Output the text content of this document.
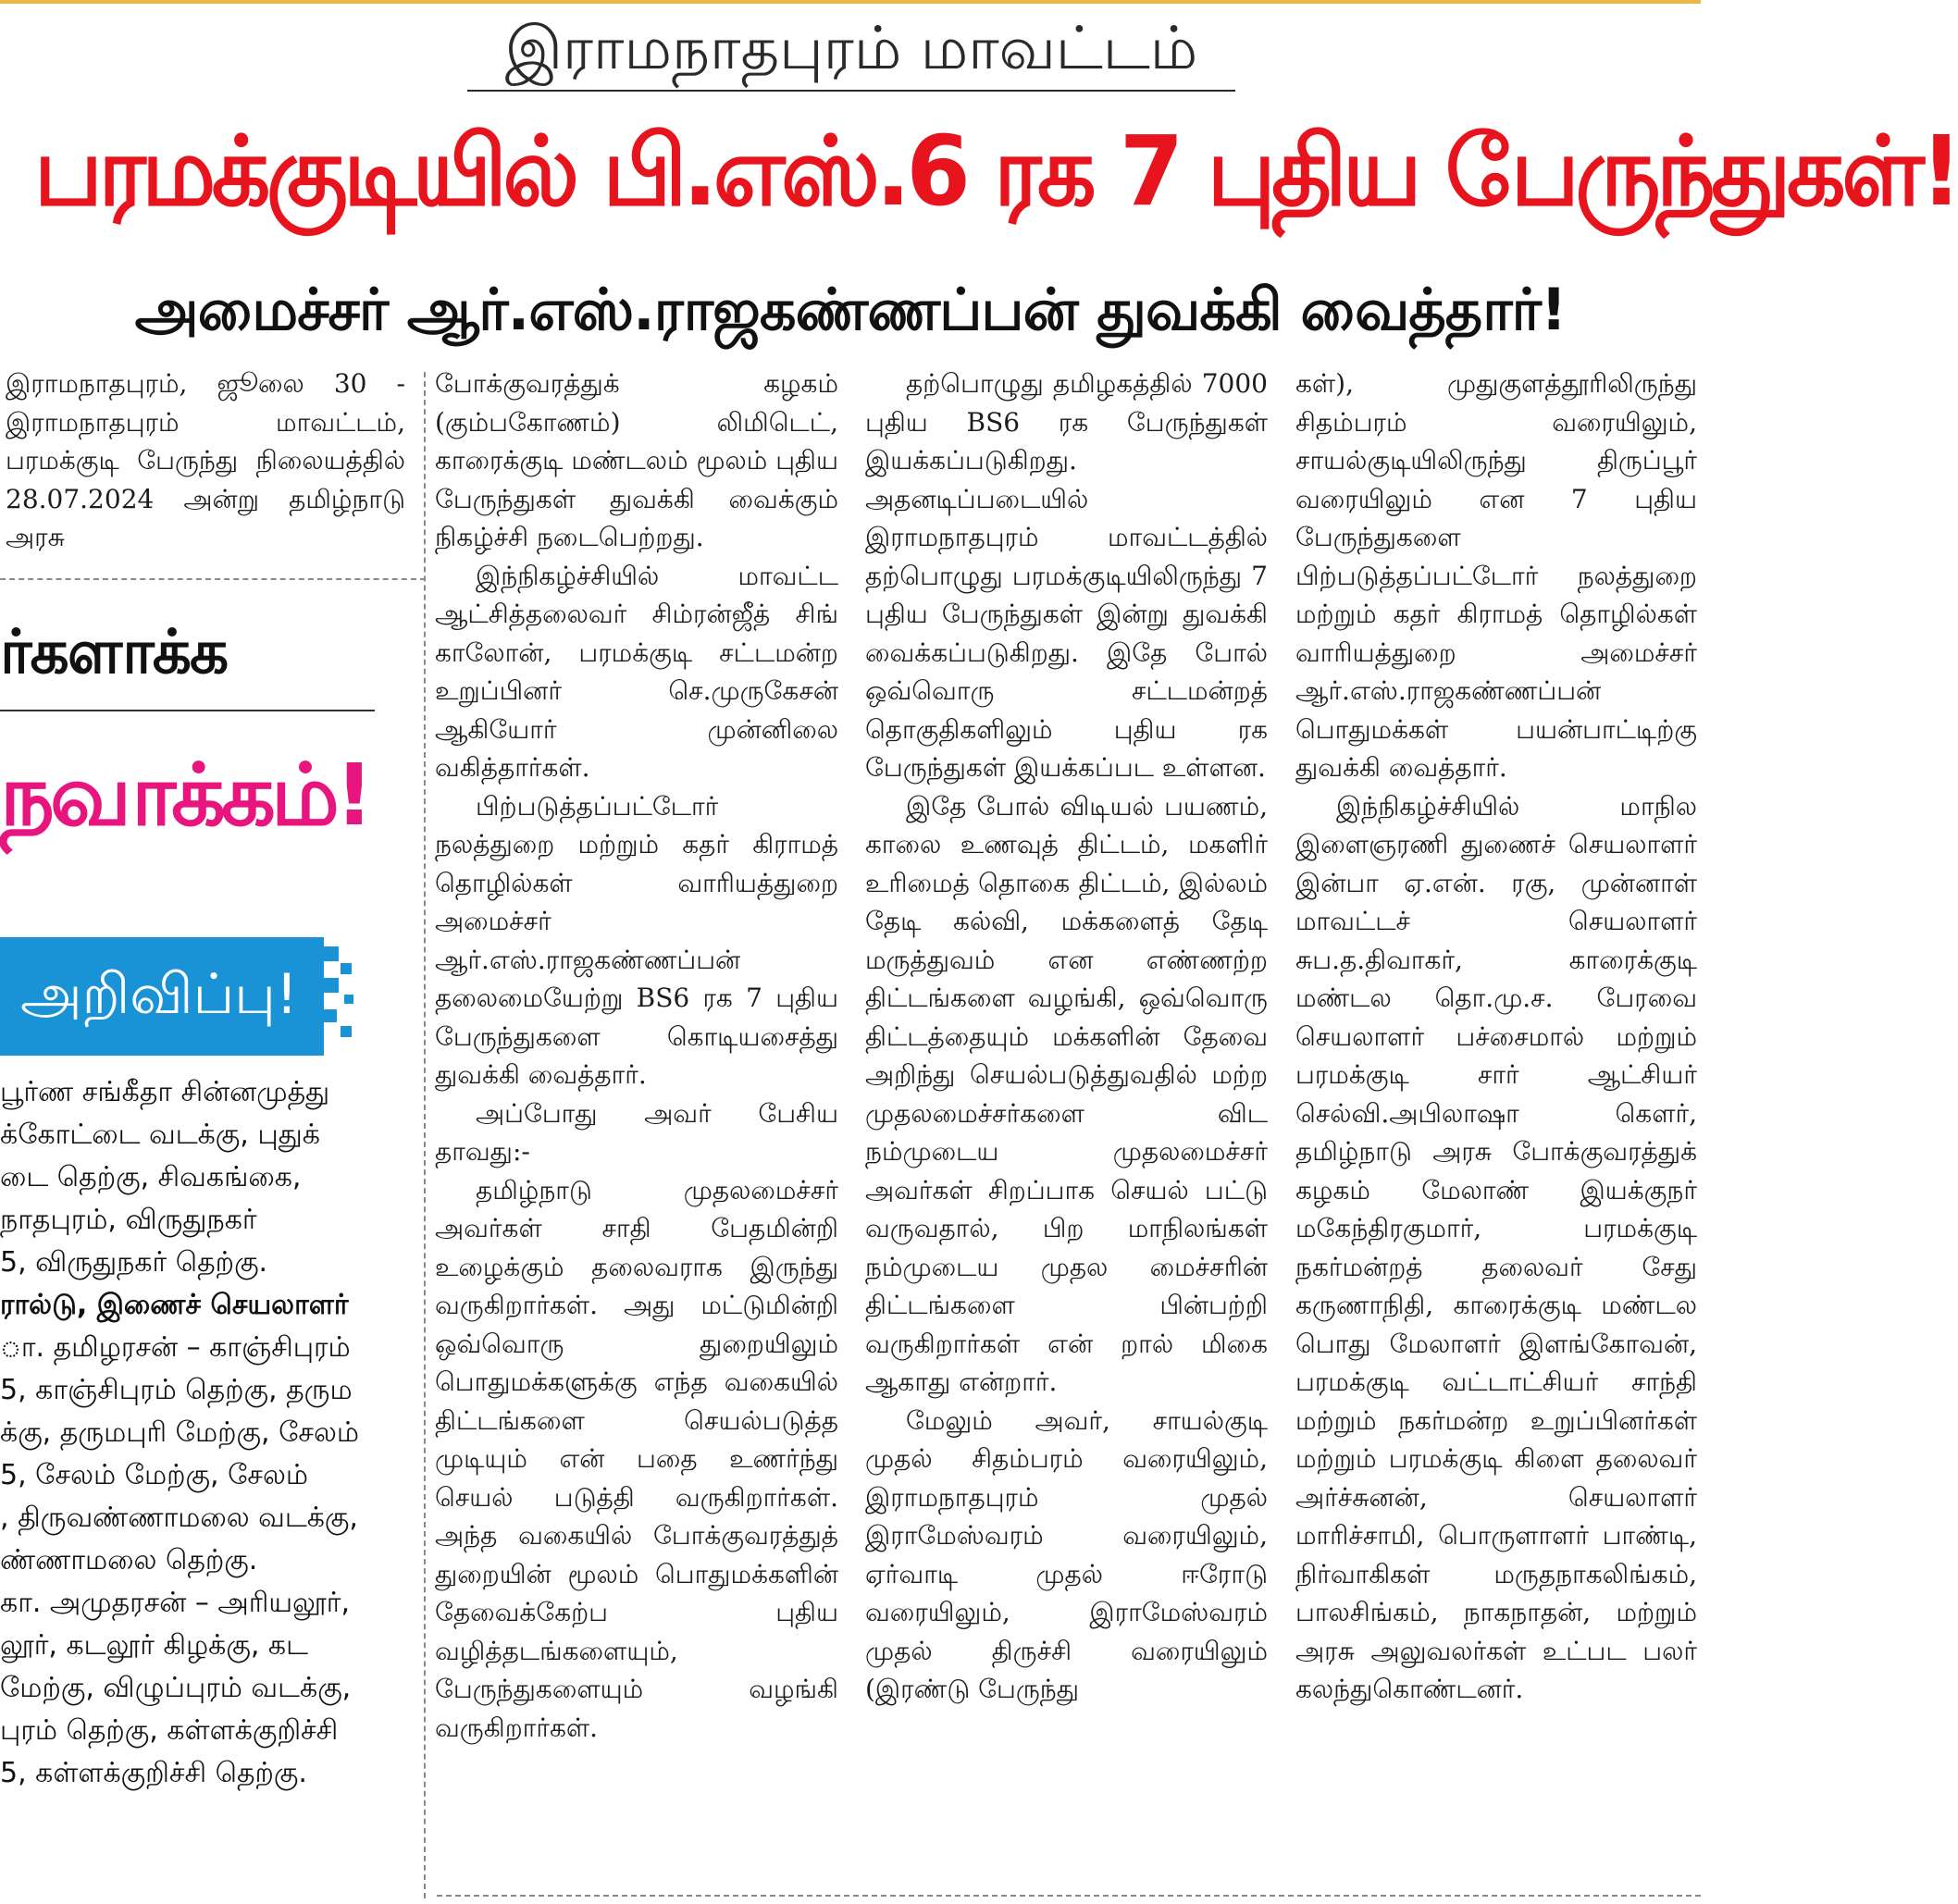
இராமநாதபுரம் மாவட்டம்
பரமக்குடியில் பி.எஸ்.6 ரக 7 புதிய பேருந்துகள்!
அமைச்சர் ஆர்.எஸ்.ராஜகண்ணப்பன் துவக்கி வைத்தார்!

இராமநாதபுரம், ஜூலை 30 - இராமநாதபுரம் மாவட்டம், பரமக்குடி பேருந்து நிலையத்தில் 28.07.2024 அன்று தமிழ்நாடு அரசு

போக்குவரத்துக் கழகம் (கும்பகோணம்) லிமிடெட், காரைக்குடி மண்டலம் மூலம் புதிய பேருந்துகள் துவக்கி வைக்கும் நிகழ்ச்சி நடைபெற்றது.

இந்நிகழ்ச்சியில் மாவட்ட ஆட்சித்தலைவர் சிம்ரன்ஜீத் சிங் காலோன், பரமக்குடி சட்டமன்ற உறுப்பினர் செ.முருகேசன் ஆகியோர் முன்னிலை வகித்தார்கள்.

பிற்படுத்தப்பட்டோர் நலத்துறை மற்றும் கதர் கிராமத் தொழில்கள் வாரியத்துறை அமைச்சர் ஆர்.எஸ்.ராஜகண்ணப்பன் தலைமையேற்று BS6 ரக 7 புதிய பேருந்துகளை கொடியசைத்து துவக்கி வைத்தார்.

அப்போது அவர் பேசிய தாவது:-

தமிழ்நாடு முதலமைச்சர் அவர்கள் சாதி பேதமின்றி உழைக்கும் தலைவராக இருந்து வருகிறார்கள். அது மட்டுமின்றி ஒவ்வொரு துறையிலும் பொதுமக்களுக்கு எந்த வகையில் திட்டங்களை செயல்படுத்த முடியும் என் பதை உணர்ந்து செயல் படுத்தி வருகிறார்கள். அந்த வகையில் போக்குவரத்துத் துறையின் மூலம் பொதுமக்களின் தேவைக்கேற்ப புதிய வழித்தடங்களையும், பேருந்துகளையும் வழங்கி வருகிறார்கள்.

தற்பொழுது தமிழகத்தில் 7000 புதிய BS6 ரக பேருந்துகள் இயக்கப்படுகிறது. அதனடிப்படையில் இராமநாதபுரம் மாவட்டத்தில் தற்பொழுது பரமக்குடியிலிருந்து 7 புதிய பேருந்துகள் இன்று துவக்கி வைக்கப்படுகிறது. இதே போல் ஒவ்வொரு சட்டமன்றத் தொகுதிகளிலும் புதிய ரக பேருந்துகள் இயக்கப்பட உள்ளன.

இதே போல் விடியல் பயணம், காலை உணவுத் திட்டம், மகளிர் உரிமைத் தொகை திட்டம், இல்லம் தேடி கல்வி, மக்களைத் தேடி மருத்துவம் என எண்ணற்ற திட்டங்களை வழங்கி, ஒவ்வொரு திட்டத்தையும் மக்களின் தேவை அறிந்து செயல்படுத்துவதில் மற்ற முதலமைச்சர்களை விட நம்முடைய முதலமைச்சர் அவர்கள் சிறப்பாக செயல் பட்டு வருவதால், பிற மாநிலங்கள் நம்முடைய முதல மைச்சரின் திட்டங்களை பின்பற்றி வருகிறார்கள் என் றால் மிகை ஆகாது என்றார்.

மேலும் அவர், சாயல்குடி முதல் சிதம்பரம் வரையிலும், இராமநாதபுரம் முதல் இராமேஸ்வரம் வரையிலும், ஏர்வாடி முதல் ஈரோடு வரையிலும், இராமேஸ்வரம் முதல் திருச்சி வரையிலும் (இரண்டு பேருந்து

கள்), முதுகுளத்தூரிலிருந்து சிதம்பரம் வரையிலும், சாயல்குடியிலிருந்து திருப்பூர் வரையிலும் என 7 புதிய பேருந்துகளை பிற்படுத்தப்பட்டோர் நலத்துறை மற்றும் கதர் கிராமத் தொழில்கள் வாரியத்துறை அமைச்சர் ஆர்.எஸ்.ராஜகண்ணப்பன் பொதுமக்கள் பயன்பாட்டிற்கு துவக்கி வைத்தார்.

இந்நிகழ்ச்சியில் மாநில இளைஞரணி துணைச் செயலாளர் இன்பா ஏ.என். ரகு, முன்னாள் மாவட்டச் செயலாளர் சுப.த.திவாகர், காரைக்குடி மண்டல தொ.மு.ச. பேரவை செயலாளர் பச்சைமால் மற்றும் பரமக்குடி சார் ஆட்சியர் செல்வி.அபிலாஷா கௌர், தமிழ்நாடு அரசு போக்குவரத்துக் கழகம் மேலாண் இயக்குநர் மகேந்திரகுமார், பரமக்குடி நகர்மன்றத் தலைவர் சேது கருணாநிதி, காரைக்குடி மண்டல பொது மேலாளர் இளங்கோவன், பரமக்குடி வட்டாட்சியர் சாந்தி மற்றும் நகர்மன்ற உறுப்பினர்கள் மற்றும் பரமக்குடி கிளை தலைவர் அர்ச்சுனன், செயலாளர் மாரிச்சாமி, பொருளாளர் பாண்டி, நிர்வாகிகள் மருதநாகலிங்கம், பாலசிங்கம், நாகநாதன், மற்றும் அரசு அலுவலர்கள் உட்பட பலர் கலந்துகொண்டனர்.

ர்களாக்க
நவாக்கம்!
அறிவிப்பு!

பூர்ண சங்கீதா சின்னமுத்து

க்கோட்டை வடக்கு, புதுக்

டை தெற்கு, சிவகங்கை,

நாதபுரம், விருதுநகர்

5, விருதுநகர் தெற்கு.

ரால்டு, இணைச் செயலாளர்

ா. தமிழரசன் – காஞ்சிபுரம்

5, காஞ்சிபுரம் தெற்கு, தரும

க்கு, தருமபுரி மேற்கு, சேலம்

5, சேலம் மேற்கு, சேலம்

, திருவண்ணாமலை வடக்கு,

ண்ணாமலை தெற்கு.

கா. அமுதரசன் – அரியலூர்,

லூர், கடலூர் கிழக்கு, கட

மேற்கு, விழுப்புரம் வடக்கு,

புரம் தெற்கு, கள்ளக்குறிச்சி

5, கள்ளக்குறிச்சி தெற்கு.
